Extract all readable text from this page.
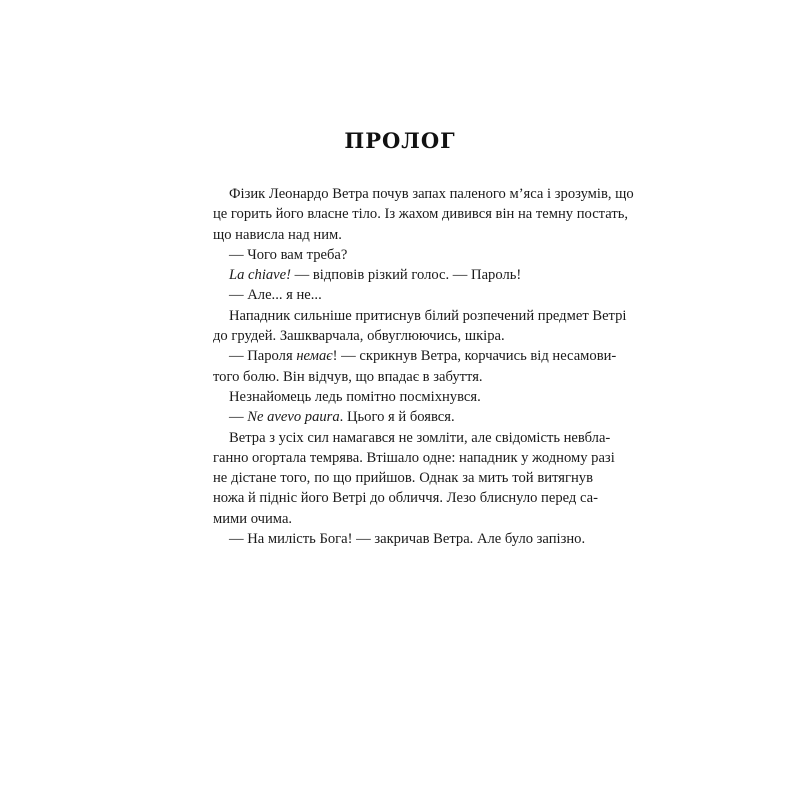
ПРОЛОГ
Фізик Леонардо Ветра почув запах паленого м’яса і зрозумів, що
це горить його власне тіло. Із жахом дивився він на темну постать,
що нависла над ним.
— Чого вам треба?
La chiave! — відповів різкий голос. — Пароль!
— Але... я не...
Нападник сильніше притиснув білий розпечений предмет Ветрі
до грудей. Зашкварчала, обвуглюючись, шкіра.
— Пароля немає! — скрикнув Ветра, корчачись від несамови-
того болю. Він відчув, що впадає в забуття.
Незнайомець ледь помітно посміхнувся.
— Ne avevo paura. Цього я й боявся.
Ветра з усіх сил намагався не зомліти, але свідомість невбла-
ганно огортала темрява. Втішало одне: нападник у жодному разі
не дістане того, по що прийшов. Однак за мить той витягнув
ножа й підніс його Ветрі до обличчя. Лезо блиснуло перед са-
мими очима.
— На милість Бога! — закричав Ветра. Але було запізно.
